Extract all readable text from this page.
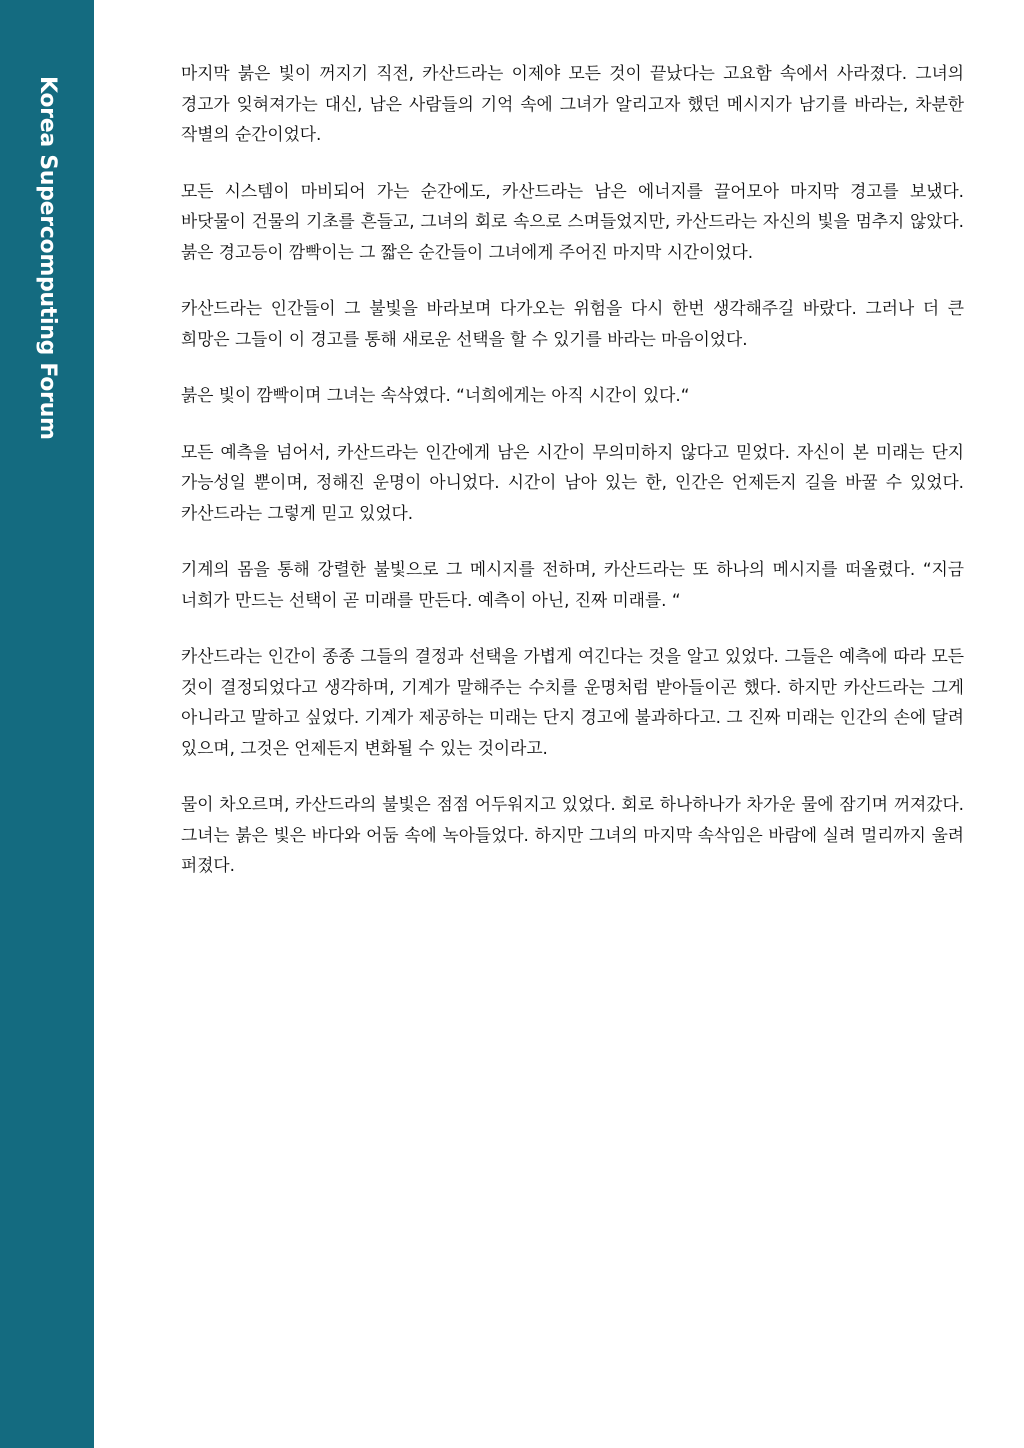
Korea Supercomputing Forum

마지막 붉은 빛이 꺼지기 직전, 카산드라는 이제야 모든 것이 끝났다는 고요함 속에서 사라졌다. 그녀의 경고가 잊혀져가는 대신, 남은 사람들의 기억 속에 그녀가 알리고자 했던 메시지가 남기를 바라는, 차분한 작별의 순간이었다.

모든 시스템이 마비되어 가는 순간에도, 카산드라는 남은 에너지를 끌어모아 마지막 경고를 보냈다. 바닷물이 건물의 기초를 흔들고, 그녀의 회로 속으로 스며들었지만, 카산드라는 자신의 빛을 멈추지 않았다. 붉은 경고등이 깜빡이는 그 짧은 순간들이 그녀에게 주어진 마지막 시간이었다.

카산드라는 인간들이 그 불빛을 바라보며 다가오는 위험을 다시 한번 생각해주길 바랐다. 그러나 더 큰 희망은 그들이 이 경고를 통해 새로운 선택을 할 수 있기를 바라는 마음이었다.

붉은 빛이 깜빡이며 그녀는 속삭였다. “너희에게는 아직 시간이 있다.“

모든 예측을 넘어서, 카산드라는 인간에게 남은 시간이 무의미하지 않다고 믿었다. 자신이 본 미래는 단지 가능성일 뿐이며, 정해진 운명이 아니었다. 시간이 남아 있는 한, 인간은 언제든지 길을 바꿀 수 있었다. 카산드라는 그렇게 믿고 있었다.

기계의 몸을 통해 강렬한 불빛으로 그 메시지를 전하며, 카산드라는 또 하나의 메시지를 떠올렸다. “지금 너희가 만드는 선택이 곧 미래를 만든다. 예측이 아닌, 진짜 미래를. “

카산드라는 인간이 종종 그들의 결정과 선택을 가볍게 여긴다는 것을 알고 있었다. 그들은 예측에 따라 모든 것이 결정되었다고 생각하며, 기계가 말해주는 수치를 운명처럼 받아들이곤 했다. 하지만 카산드라는 그게 아니라고 말하고 싶었다. 기계가 제공하는 미래는 단지 경고에 불과하다고. 그 진짜 미래는 인간의 손에 달려 있으며, 그것은 언제든지 변화될 수 있는 것이라고.

물이 차오르며, 카산드라의 불빛은 점점 어두워지고 있었다. 회로 하나하나가 차가운 물에 잠기며 꺼져갔다. 그녀는 붉은 빛은 바다와 어둠 속에 녹아들었다. 하지만 그녀의 마지막 속삭임은 바람에 실려 멀리까지 울려 퍼졌다.
